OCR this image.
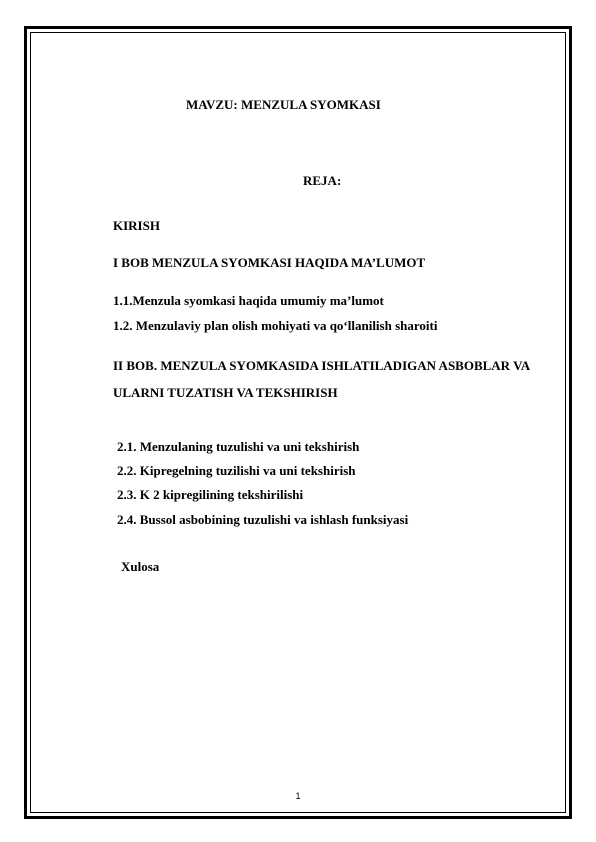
MAVZU: MENZULA SYOMKASI
REJA:
KIRISH
I BOB MENZULA SYOMKASI HAQIDA MA’LUMOT
1.1.Menzula syomkasi haqida umumiy ma’lumot
1.2. Menzulaviy plan olish mohiyati va qo‘llanilish sharoiti
II BOB. MENZULA SYOMKASIDA ISHLATILADIGAN ASBOBLAR VA
ULARNI TUZATISH VA TEKSHIRISH
2.1. Menzulaning tuzulishi va uni tekshirish
2.2. Kipregelning tuzilishi va uni tekshirish
2.3. K 2 kipregilining tekshirilishi
2.4. Bussol asbobining tuzulishi va ishlash funksiyasi
Xulosa
1
